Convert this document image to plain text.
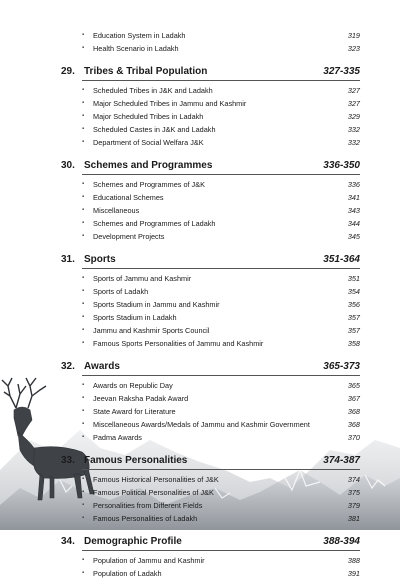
▪	Education System in Ladakh	319
▪	Health Scenario in Ladakh	323
29. Tribes & Tribal Population	327-335
▪	Scheduled Tribes in J&K and Ladakh	327
▪	Major Scheduled Tribes in Jammu and Kashmir	327
▪	Major Scheduled Tribes in Ladakh	329
▪	Scheduled Castes in J&K and Ladakh	332
▪	Department of Social Welfara J&K	332
30. Schemes and Programmes	336-350
▪	Schemes and Programmes of J&K	336
▪	Educational Schemes	341
▪	Miscellaneous	343
▪	Schemes and Programmes of Ladakh	344
▪	Development Projects	345
31. Sports	351-364
▪	Sports of Jammu and Kashmir	351
▪	Sports of Ladakh	354
▪	Sports Stadium in Jammu and Kashmir	356
▪	Sports Stadium in Ladakh	357
▪	Jammu and Kashmir Sports Council	357
▪	Famous Sports Personalities of Jammu and Kashmir	358
32. Awards	365-373
▪	Awards on Republic Day	365
▪	Jeevan Raksha Padak Award	367
▪	State Award for Literature	368
▪	Miscellaneous Awards/Medals of Jammu and Kashmir Government	368
▪	Padma Awards	370
33. Famous Personalities	374-387
▪	Famous Historical Personalities of J&K	374
▪	Famous Political Personalities of J&K	375
▪	Personalities from Different Fields	379
▪	Famous Personalities of Ladakh	381
34. Demographic Profile	388-394
▪	Population of Jammu and Kashmir	388
▪	Population of Ladakh	391
